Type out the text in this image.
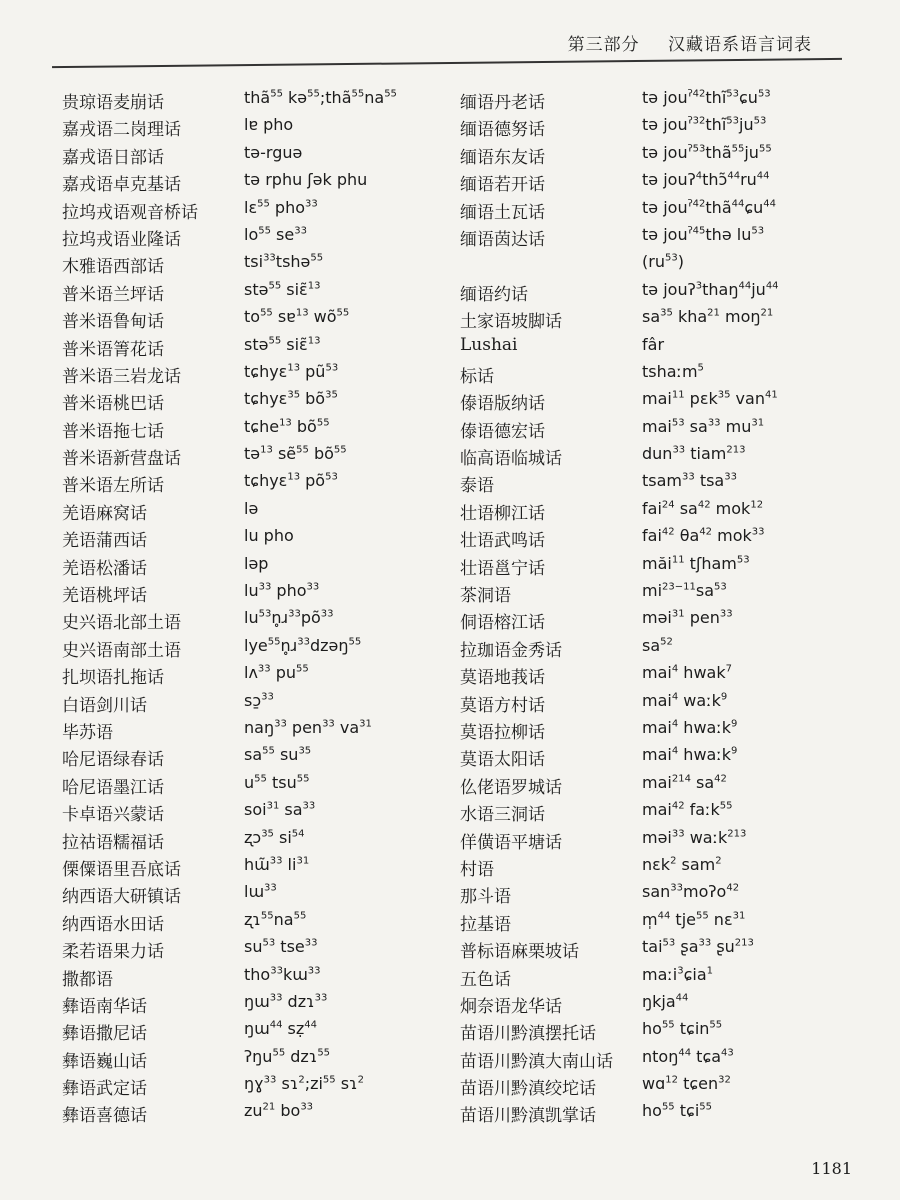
第三部分 汉藏语系语言词表
贵琼语麦崩话	thã$^{55}$ $kə^{55};thã^{55}na^{55}$
嘉戎语二岗理话	lɐ pho
嘉戎语日部话	tə-rguə
嘉戎语卓克基话	tə rphu ʃək phu
拉坞戎语观音桥话	lɛ$^{55}$ pho$^{33}$
拉坞戎语业隆话	$lo^{55}$ $se^{33}$
木雅语西部话	tsi$^{33}$tshə$^{55}$
普米语兰坪话	stə$^{55}$ siɛ̃$^{13}$
普米语鲁甸话	$to^{55}$ sɐ$^{13}$ $wõ^{55}$
普米语箐花话	stə$^{55}$ siɛ̃$^{13}$
普米语三岩龙话	tɕhyɛ$^{13}$ $pũ^{53}$
普米语桃巴话	tɕhyɛ$^{35}$ $bõ^{35}$
普米语拖七话	tɕhe$^{13}$ $bõ^{55}$
普米语新营盘话	tə$^{13}$ sẽ$^{55}$ $bõ^{55}$
普米语左所话	tɕhyɛ$^{13}$ $põ^{53}$
羌语麻窝话	lə
羌语蒲西话	lu pho
羌语松潘话	ləp
羌语桃坪话	$lu^{33}$ pho$^{33}$
史兴语北部土语	$lu^{53}n̥ɹ^{33}põ^{33}$
史兴语南部土语	lye$^{55}$n̥ɹ$^{33}$dzəŋ$^{55}$
扎坝语扎拖话	lʌ$^{33}$ $pu^{55}$
白语剑川话	sɔ̱$^{33}$
毕苏语	naŋ$^{33}$ pen$^{33}$ $va^{31}$
哈尼语绿春话	$sa^{55}$ $su^{35}$
哈尼语墨江话	$u^{55}$ tsu$^{55}$
卡卓语兴蒙话	soi$^{31}$ $sa^{33}$
拉祜语糯福话	ʐɔ$^{35}$ $si^{54}$
傈僳语里吾底话	hɯ̃$^{33}$ $li^{31}$
纳西语大研镇话	lɯ$^{33}$
纳西语水田话	$ʐɿ^{55}na^{55}$
柔若语果力话	$su^{53}$ tse$^{33}$
撒都语	tho$^{33}$kɯ$^{33}$
彝语南华话	ŋɯ$^{33}$ dzɿ$^{33}$
彝语撒尼话	ŋɯ$^{44}$ sẓ$^{44}$
彝语巍山话	ʔŋu$^{55}$ dzɿ$^{55}$
彝语武定话	ŋɣ$^{33}$ $sɿ^2;zi^{55}$ sɿ$^2$
彝语喜德话	$zu^{21}$ $bo^{33}$
缅语丹老话	tə jou$^{ʔ42}$thĩ$^{53}$ɕu$^{53}$
缅语德努话	tə $jou^{ʔ32}thĩ^{53}ju^{53}$
缅语东友话	tə $jou^{ʔ53}thã^{55}ju^{55}$
缅语若开话	tə $jouʔ^4thɔ̃^{44}ru^{44}$
缅语土瓦话	tə jou$^{ʔ42}$thã$^{44}$ɕu$^{44}$
缅语茵达话	tə jou$^{ʔ45}$thə $lu^{53}$
$(ru^{53})$
缅语约话	tə $jouʔ^3thaŋ^{44}ju^{44}$
土家语坡脚话	$sa^{35}$ kha$^{21}$ moŋ$^{21}$
Lushai	fâr
标话	tshaːm$^5$
傣语版纳话	mai$^{11}$ pɛk$^{35}$ van$^{41}$
傣语德宏话	mai$^{53}$ $sa^{33}$ $mu^{31}$
临高语临城话	dun$^{33}$ tiam$^{213}$
泰语	tsam$^{33}$ tsa$^{33}$
壮语柳江话	fai$^{24}$ $sa^{42}$ mok$^{12}$
壮语武鸣话	fai$^{42}$ $\theta a^{42}$ mok$^{33}$
壮语邕宁话	măi$^{11}$ tʃham$^{53}$
茶洞语	$mi^{23-11}sa^{53}$
侗语榕江话	məi$^{31}$ pen$^{33}$
拉珈语金秀话	$sa^{52}$
莫语地莪话	mai$^4$ hwak$^7$
莫语方村话	mai$^4$ waːk$^9$
莫语拉柳话	mai$^4$ hwaːk$^9$
莫语太阳话	mai$^4$ hwaːk$^9$
仫佬语罗城话	mai$^{214}$ $sa^{42}$
水语三洞话	mai$^{42}$ faːk$^{55}$
佯僙语平塘话	məi$^{33}$ waːk$^{213}$
村语	nɛk$^2$ sam$^2$
那斗语	san$^{33}$moʔo$^{42}$
拉基语	m̩$^{44}$ tje$^{55}$ nɛ$^{31}$
普标语麻栗坡话	tai$^{53}$ ʂa$^{33}$ ʂu$^{213}$
五色话	maːi$^3$ɕia$^1$
炯奈语龙华话	ŋkja$^{44}$
苗语川黔滇摆托话	$ho^{55}$ tɕin$^{55}$
苗语川黔滇大南山话 ntoŋ$^{44}$ tɕa$^{43}$
苗语川黔滇绞坨话	wɑ$^{12}$ tɕen$^{32}$
苗语川黔滇凯掌话	$ho^{55}$ tɕi$^{55}$
1181
